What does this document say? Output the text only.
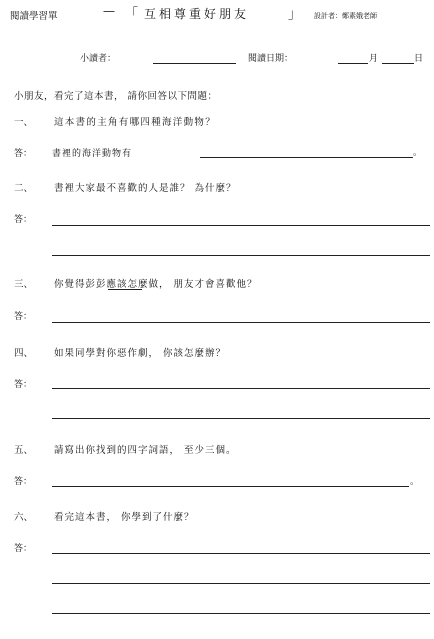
閱讀學習單	— 「 互相尊重好朋友	」 設計者：鄭素娥老師
小讀者：	閱讀日期：	月	日
小朋友，看完了這本書， 請你回答以下問題：
一、 這本書的主角有哪四種海洋動物？
答： 書裡的海洋動物有	。
二、 書裡大家最不喜歡的人是誰？ 為什麼？
答：
三、 你覺得彭彭應該怎麼做， 朋友才會喜歡他？
答：
四、 如果同學對你惡作劇， 你該怎麼辦？
答：
五、 請寫出你找到的四字詞語， 至少三個。
答：	。
六、 看完這本書， 你學到了什麼？
答：
